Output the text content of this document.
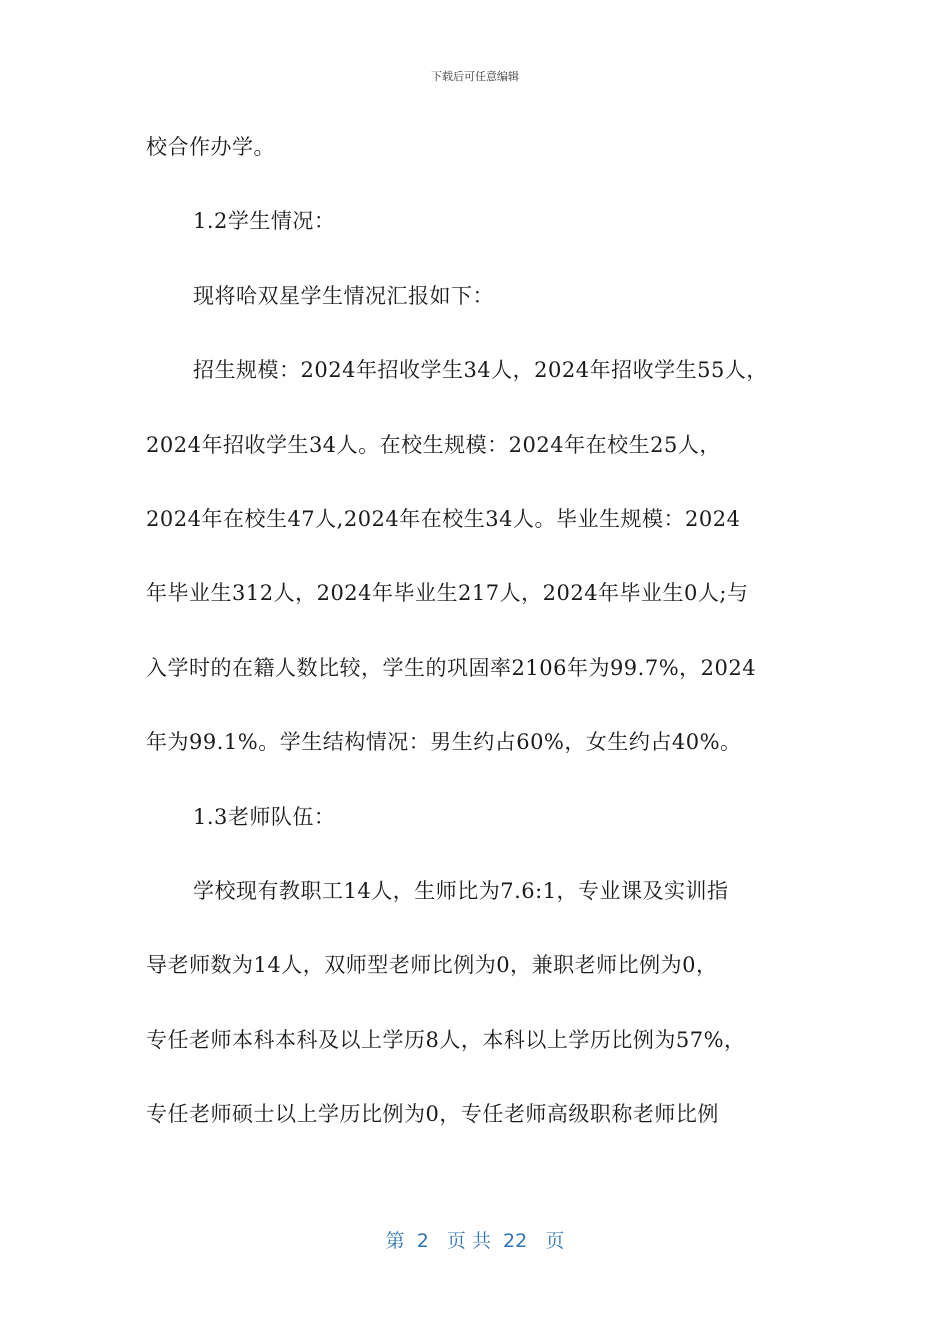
下载后可任意编辑
校合作办学。
1.2学生情况：
现将哈双星学生情况汇报如下：
招生规模：2024年招收学生34人，2024年招收学生55人，
2024年招收学生34人。在校生规模：2024年在校生25人，
2024年在校生47人,2024年在校生34人。毕业生规模：2024
年毕业生312人，2024年毕业生217人，2024年毕业生0人;与
入学时的在籍人数比较，学生的巩固率2106年为99.7%，2024
年为99.1%。学生结构情况：男生约占60%，女生约占40%。
1.3老师队伍：
学校现有教职工14人，生师比为7.6:1，专业课及实训指
导老师数为14人，双师型老师比例为0，兼职老师比例为0，
专任老师本科本科及以上学历8人，本科以上学历比例为57%，
专任老师硕士以上学历比例为0，专任老师高级职称老师比例
第  2   页 共  22   页
